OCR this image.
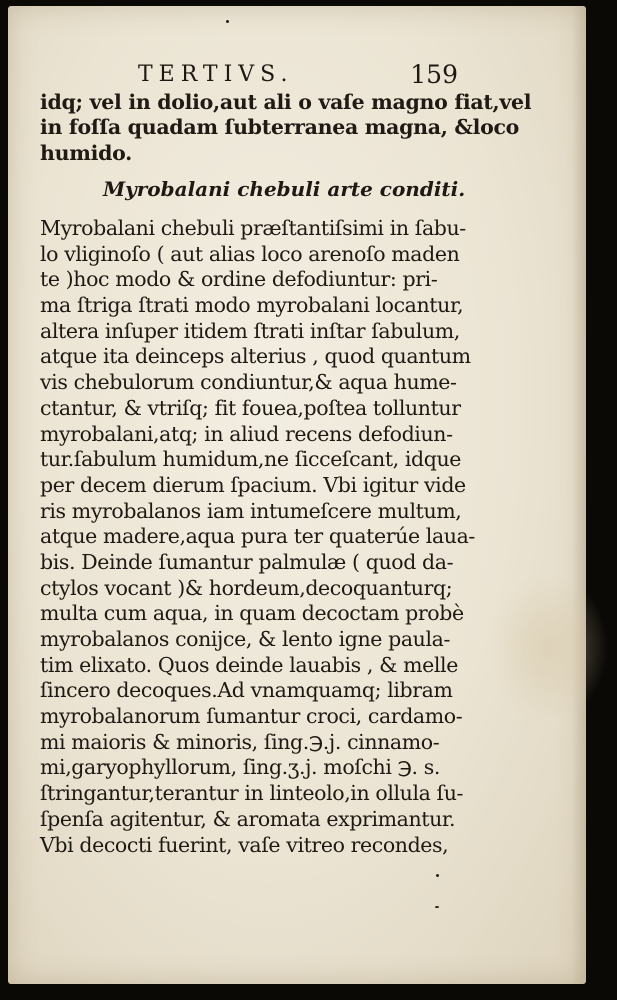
TERTIVS.	159
idq; vel in dolio,aut ali o vaſe magno fiat,vel
in foſſa quadam ſubterranea magna, &loco
humido.
Myrobalani chebuli arte conditi.
Myrobalani chebuli præſtantiſsimi in ſabu-
lo vliginoſo ( aut alias loco arenoſo maden
te )hoc modo & ordine defodiuntur: pri-
ma ſtriga ſtrati modo myrobalani locantur,
altera inſuper itidem ſtrati inſtar ſabulum,
atque ita deinceps alterius , quod quantum
vis chebulorum condiuntur,& aqua hume-
ctantur, & vtriſq; fit fouea,poſtea tolluntur
myrobalani,atq; in aliud recens defodiun-
tur.ſabulum humidum,ne ſicceſcant, idque
per decem dierum ſpacium. Vbi igitur vide
ris myrobalanos iam intumeſcere multum,
atque madere,aqua pura ter quaterúe laua-
bis. Deinde ſumantur palmulæ ( quod da-
ctylos vocant )& hordeum,decoquanturq;
multa cum aqua, in quam decoctam probè
myrobalanos conijce, & lento igne paula-
tim elixato. Quos deinde lauabis , & melle
ſincero decoques.Ad vnamquamq; libram
myrobalanorum ſumantur croci, cardamo-
mi maioris & minoris, ſing.℈.j. cinnamo-
mi,garyophyllorum, ſing.ʒ.j. moſchi ℈. s.
ſtringantur,terantur in linteolo,in ollula ſu-
ſpenſa agitentur, & aromata exprimantur.
Vbi decocti fuerint, vaſe vitreo recondes,
